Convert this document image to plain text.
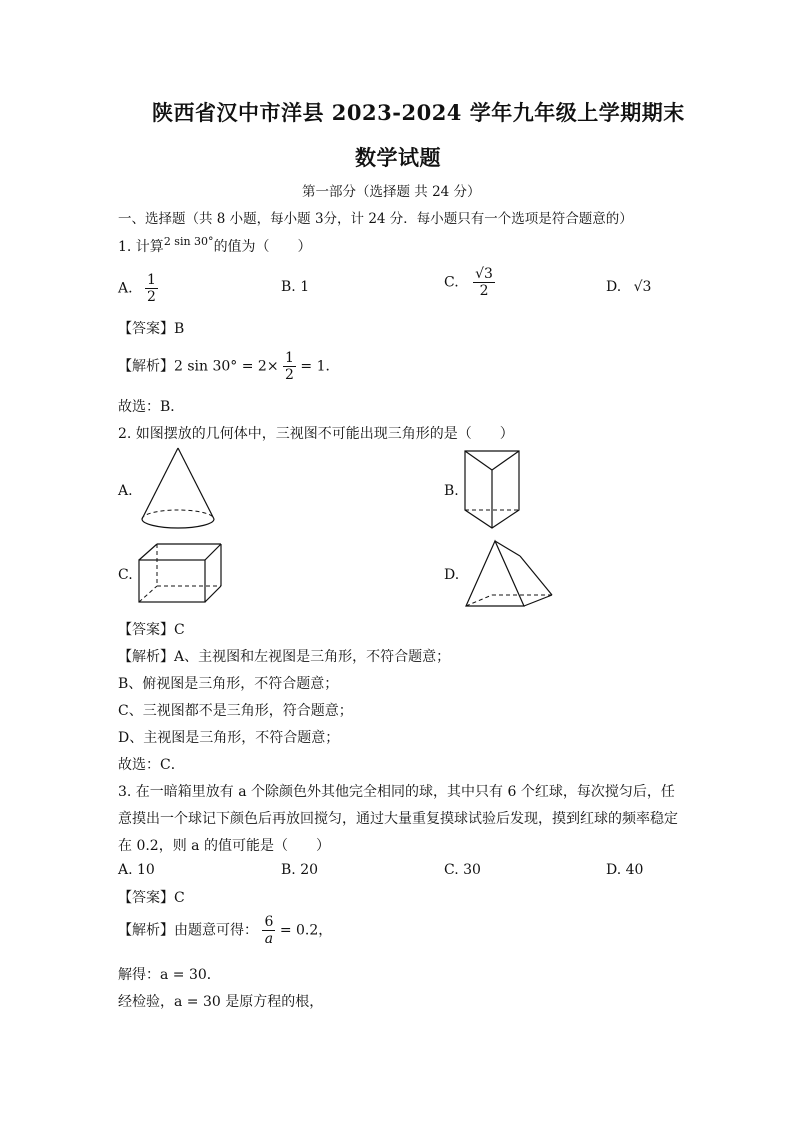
陕西省汉中市洋县 2023-2024 学年九年级上学期期末
数学试题
第一部分（选择题 共 24 分）
一、选择题（共 8 小题，每小题 3分，计 24 分．每小题只有一个选项是符合题意的）
1. 计算$^{2 sin 30^\circ}$的值为（　　）
A. $\frac{1}{2}$	B. 1	C. $\frac{√3}{2}$	D. √3
【答案】B
【解析】2 $\sin 30^\circ = 2\times \frac{1}{2} = 1$．
故选：B．
2. 如图摆放的几何体中，三视图不可能出现三角形的是（　　）
A.	B.
C.	D.
【答案】C
【解析】A、主视图和左视图是三角形，不符合题意；
B、俯视图是三角形，不符合题意；
C、三视图都不是三角形，符合题意；
D、主视图是三角形，不符合题意；
故选：C．
3. 在一暗箱里放有 a 个除颜色外其他完全相同的球，其中只有 6 个红球，每次搅匀后，任
意摸出一个球记下颜色后再放回搅匀，通过大量重复摸球试验后发现，摸到红球的频率稳定
在 0.2，则 a 的值可能是（　　）
A. 10	B. 20	C. 30	D. 40
【答案】C
【解析】由题意可得： $\frac{6}{a} = 0.2$，
解得：a = 30．
经检验，a = 30 是原方程的根，
